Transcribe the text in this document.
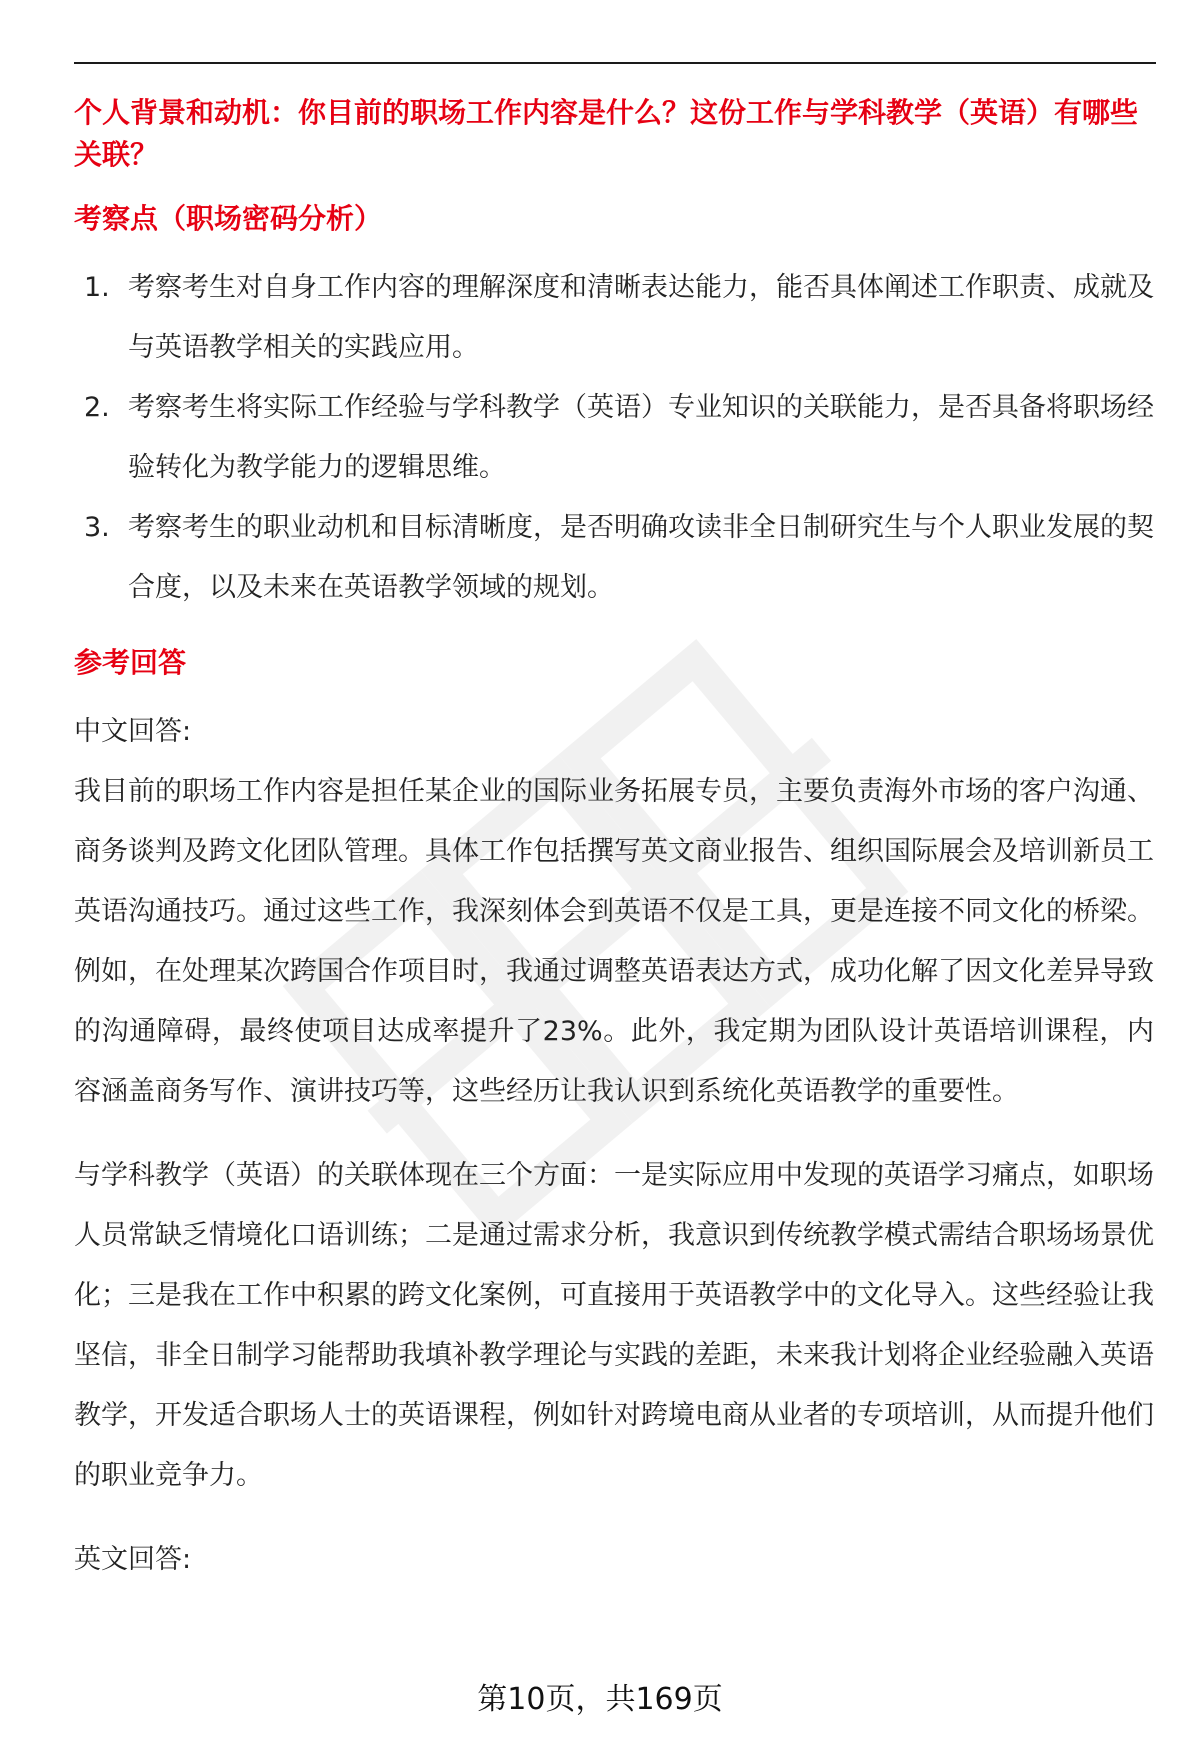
个人背景和动机：你目前的职场工作内容是什么？这份工作与学科教学（英语）有哪些关联？
考察点（职场密码分析）
1. 考察考生对自身工作内容的理解深度和清晰表达能力，能否具体阐述工作职责、成就及与英语教学相关的实践应用。
2. 考察考生将实际工作经验与学科教学（英语）专业知识的关联能力，是否具备将职场经验转化为教学能力的逻辑思维。
3. 考察考生的职业动机和目标清晰度，是否明确攻读非全日制研究生与个人职业发展的契合度，以及未来在英语教学领域的规划。
参考回答

中文回答:

我目前的职场工作内容是担任某企业的国际业务拓展专员，主要负责海外市场的客户沟通、商务谈判及跨文化团队管理。具体工作包括撰写英文商业报告、组织国际展会及培训新员工英语沟通技巧。通过这些工作，我深刻体会到英语不仅是工具，更是连接不同文化的桥梁。例如，在处理某次跨国合作项目时，我通过调整英语表达方式，成功化解了因文化差异导致的沟通障碍，最终使项目达成率提升了23%。此外，我定期为团队设计英语培训课程，内容涵盖商务写作、演讲技巧等，这些经历让我认识到系统化英语教学的重要性。

与学科教学（英语）的关联体现在三个方面：一是实际应用中发现的英语学习痛点，如职场人员常缺乏情境化口语训练；二是通过需求分析，我意识到传统教学模式需结合职场场景优化；三是我在工作中积累的跨文化案例，可直接用于英语教学中的文化导入。这些经验让我坚信，非全日制学习能帮助我填补教学理论与实践的差距，未来我计划将企业经验融入英语教学，开发适合职场人士的英语课程，例如针对跨境电商从业者的专项培训，从而提升他们的职业竞争力。

英文回答:

第10页，共169页
